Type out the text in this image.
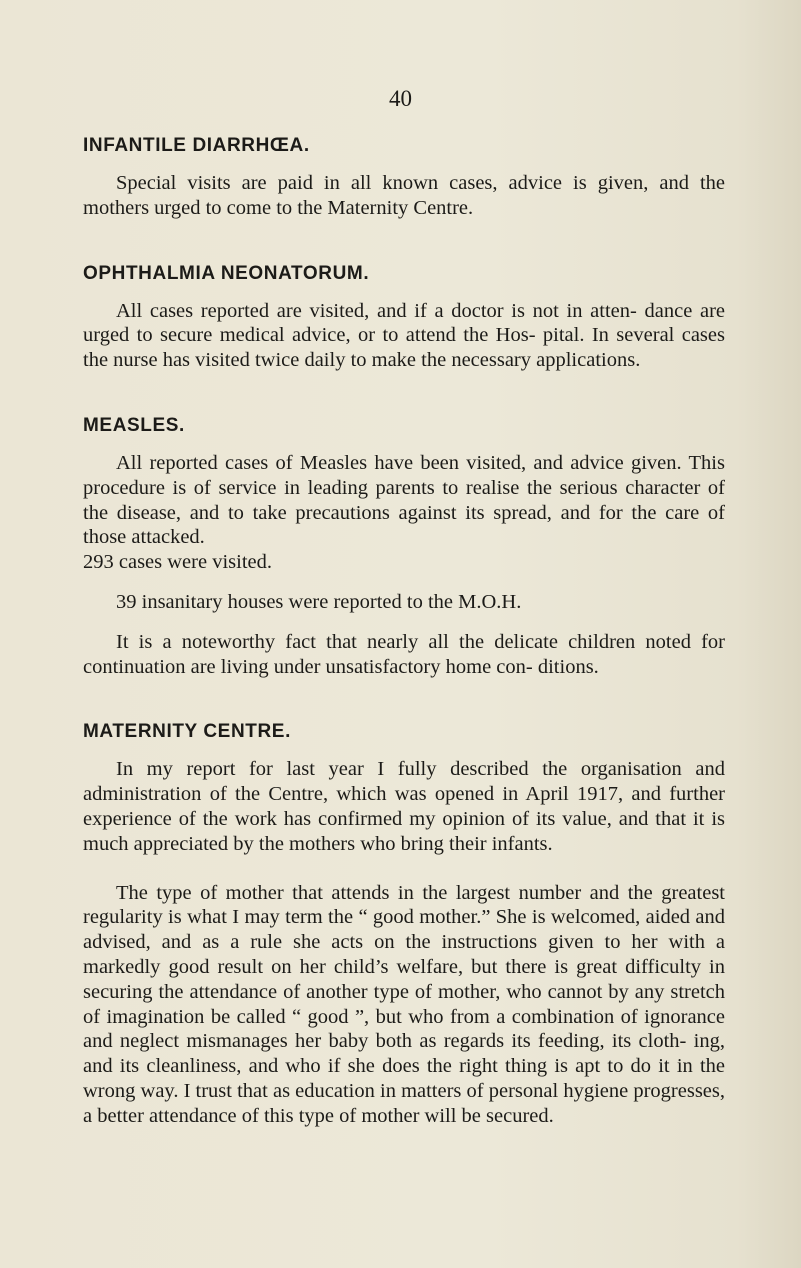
40

INFANTILE DIARRHŒA.

Special visits are paid in all known cases, advice is given, and the mothers urged to come to the Maternity Centre.

OPHTHALMIA NEONATORUM.

All cases reported are visited, and if a doctor is not in atten- dance are urged to secure medical advice, or to attend the Hos- pital. In several cases the nurse has visited twice daily to make the necessary applications.

MEASLES.

All reported cases of Measles have been visited, and advice given. This procedure is of service in leading parents to realise the serious character of the disease, and to take precautions against its spread, and for the care of those attacked.

293 cases were visited.

39 insanitary houses were reported to the M.O.H.

It is a noteworthy fact that nearly all the delicate children noted for continuation are living under unsatisfactory home con- ditions.

MATERNITY CENTRE.

In my report for last year I fully described the organisation and administration of the Centre, which was opened in April 1917, and further experience of the work has confirmed my opinion of its value, and that it is much appreciated by the mothers who bring their infants.

The type of mother that attends in the largest number and the greatest regularity is what I may term the “ good mother.” She is welcomed, aided and advised, and as a rule she acts on the instructions given to her with a markedly good result on her child’s welfare, but there is great difficulty in securing the attendance of another type of mother, who cannot by any stretch of imagination be called “ good ”, but who from a combination of ignorance and neglect mismanages her baby both as regards its feeding, its cloth- ing, and its cleanliness, and who if she does the right thing is apt to do it in the wrong way. I trust that as education in matters of personal hygiene progresses, a better attendance of this type of mother will be secured.
